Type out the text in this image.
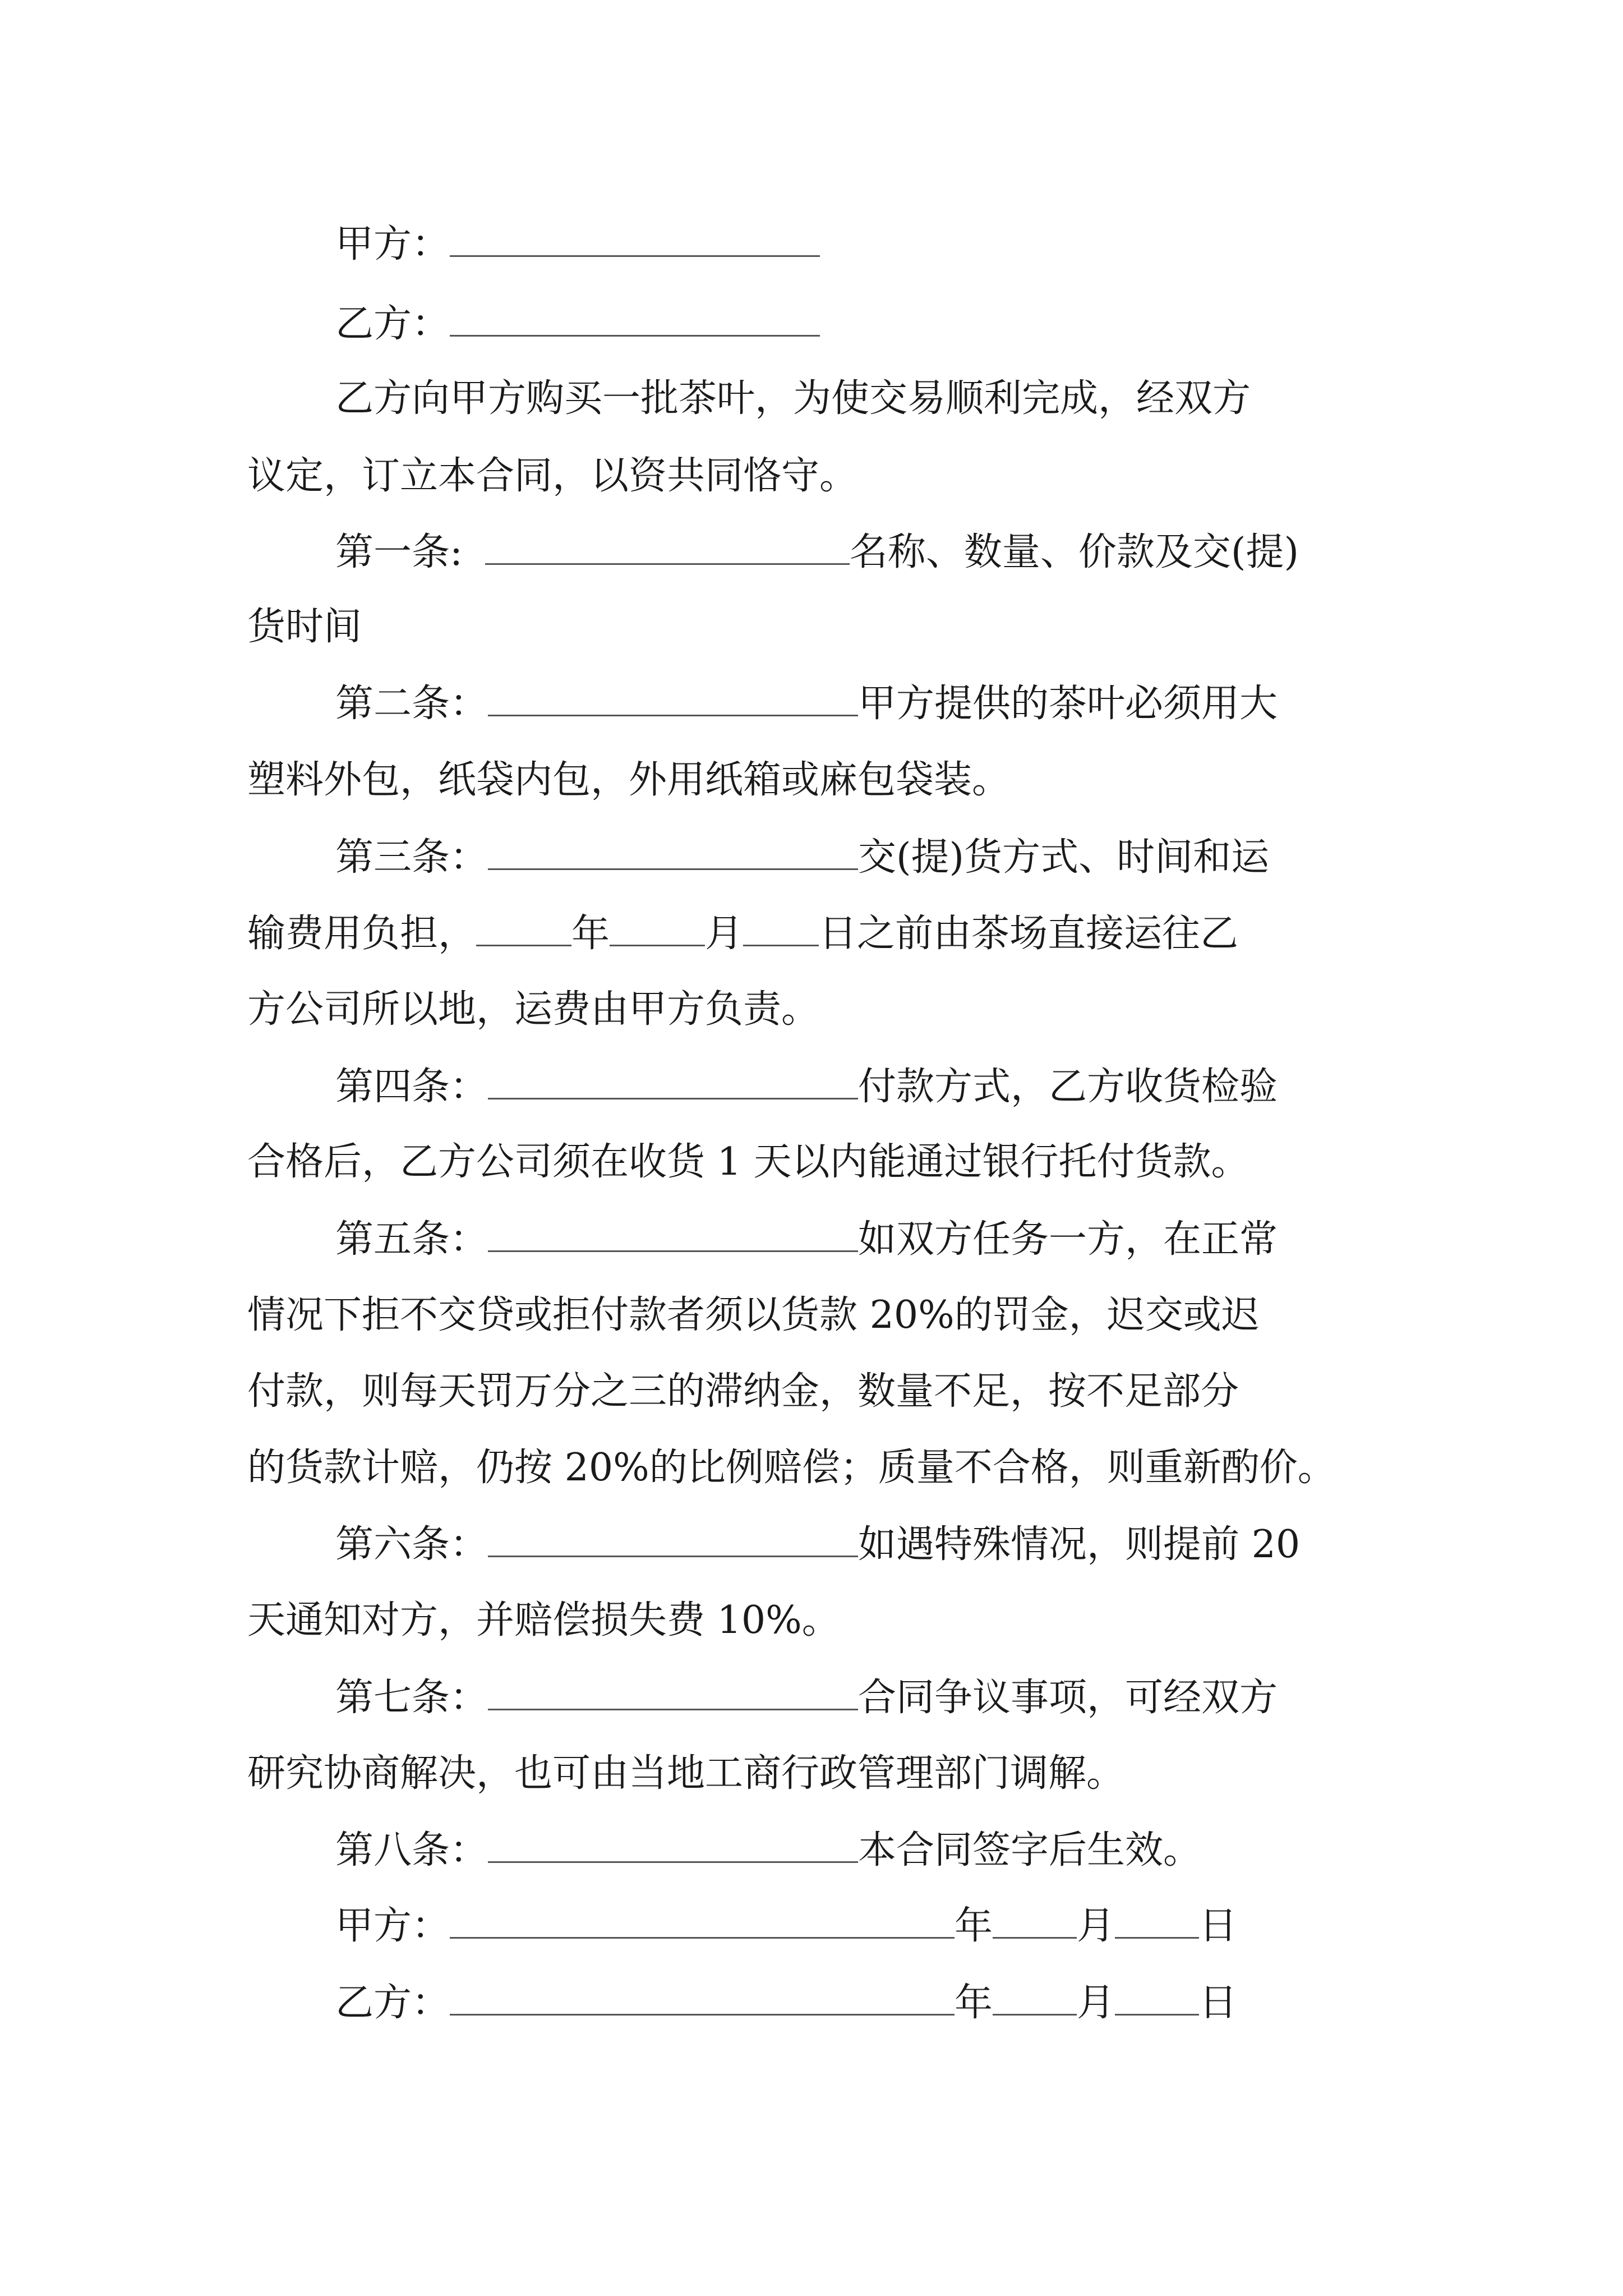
甲方：
乙方：
乙方向甲方购买一批茶叶，为使交易顺利完成，经双方
议定，订立本合同，以资共同恪守。
第一条:	名称、数量、价款及交(提)
货时间
第二条：	甲方提供的茶叶必须用大
塑料外包，纸袋内包，外用纸箱或麻包袋装。
第三条：	交(提)货方式、时间和运
输费用负担，	年	月 日之前由茶场直接运往乙
方公司所以地，运费由甲方负责。
第四条：	付款方式，乙方收货检验
合格后，乙方公司须在收货 1 天以内能通过银行托付货款。
第五条：	如双方任务一方，在正常
情况下拒不交贷或拒付款者须以货款 20%的罚金，迟交或迟
付款，则每天罚万分之三的滞纳金，数量不足，按不足部分
的货款计赔，仍按 20%的比例赔偿；质量不合格，则重新酌价。
第六条：	如遇特殊情况，则提前 20
天通知对方，并赔偿损失费 10%。
第七条：	合同争议事项，可经双方
研究协商解决，也可由当地工商行政管理部门调解。
第八条：	本合同签字后生效。
甲方：	年 月 日
乙方：	年 月 日
